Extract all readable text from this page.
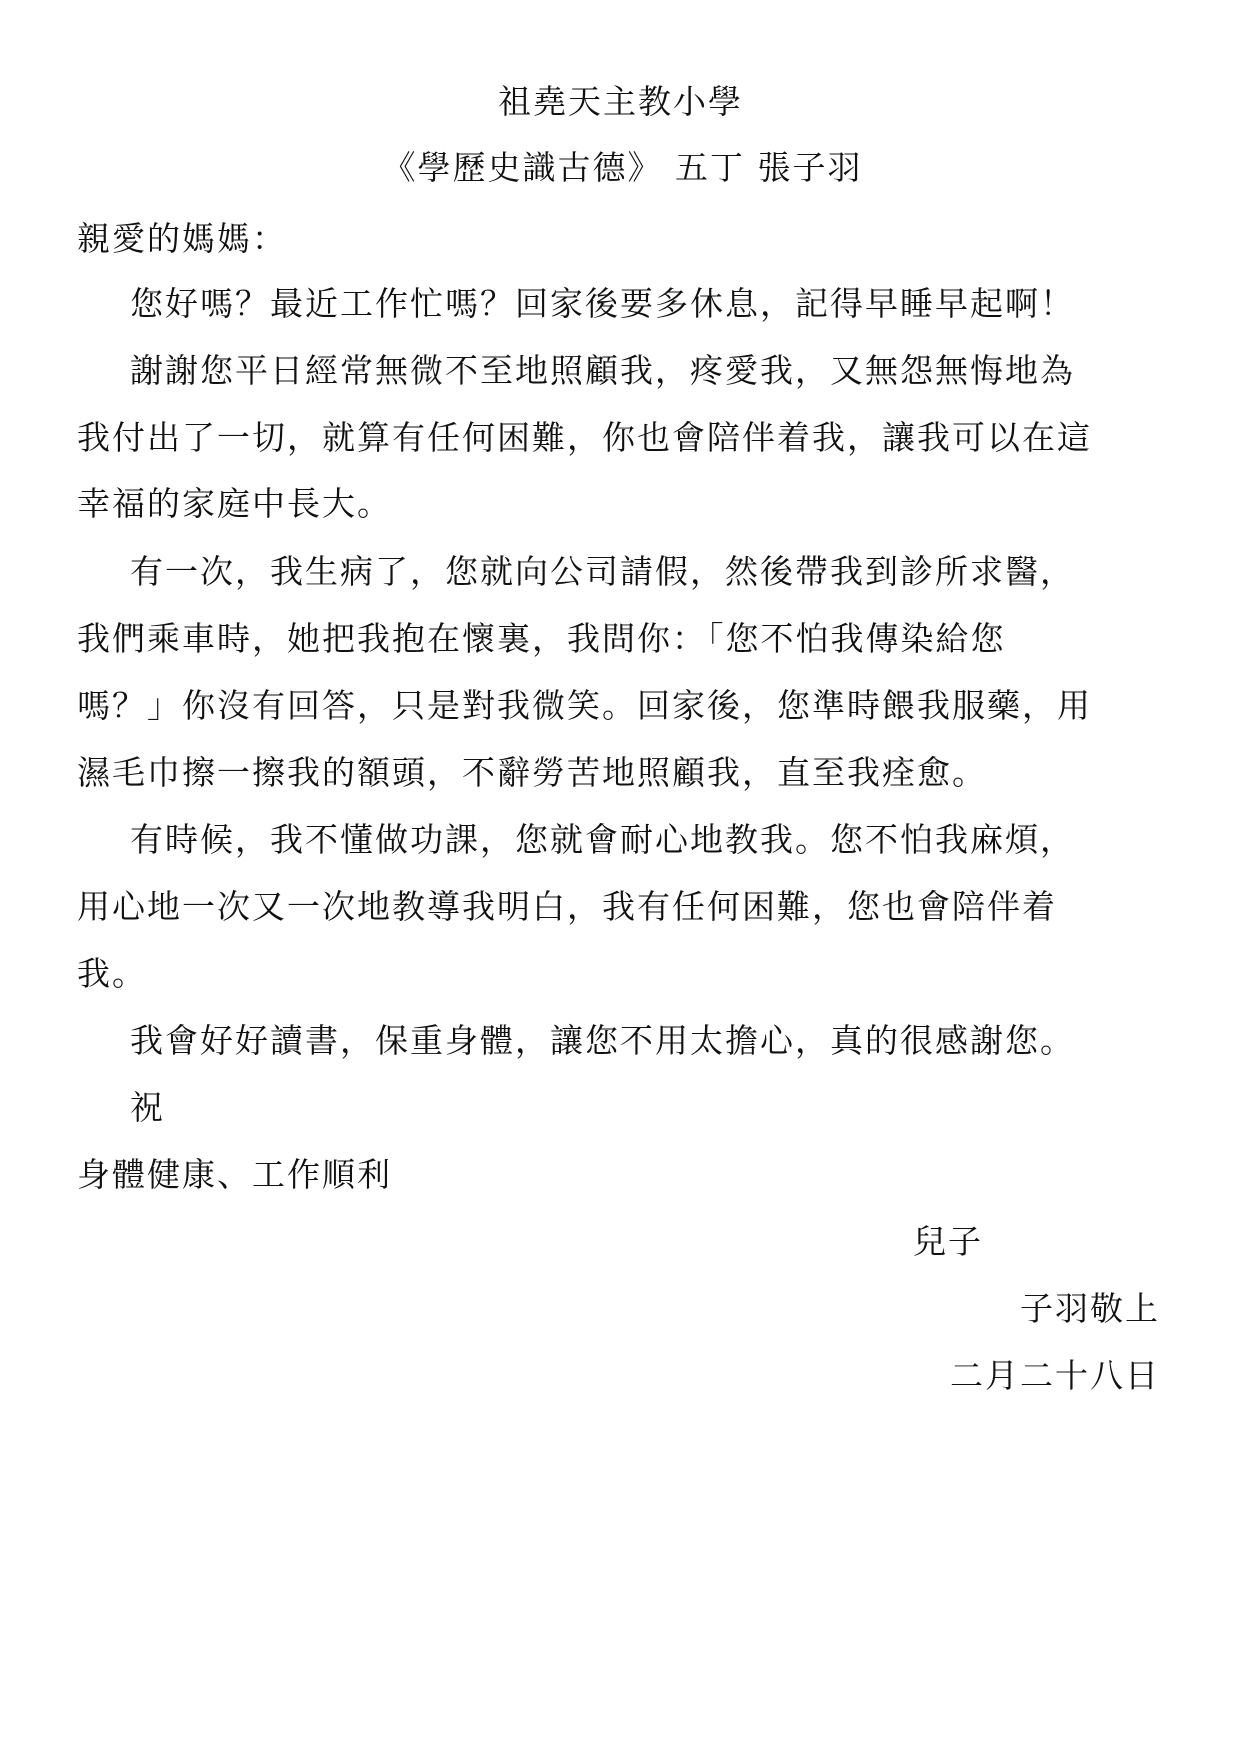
祖堯天主教小學
《學歷史識古德》 五丁 張子羽
親愛的媽媽：
您好嗎？最近工作忙嗎？回家後要多休息，記得早睡早起啊！
謝謝您平日經常無微不至地照顧我，疼愛我，又無怨無悔地為
我付出了一切，就算有任何困難，你也會陪伴着我，讓我可以在這
幸福的家庭中長大。
有一次，我生病了，您就向公司請假，然後帶我到診所求醫，
我們乘車時，她把我抱在懷裏，我問你：「您不怕我傳染給您
嗎？」你沒有回答，只是對我微笑。回家後，您準時餵我服藥，用
濕毛巾擦一擦我的額頭，不辭勞苦地照顧我，直至我痊愈。
有時候，我不懂做功課，您就會耐心地教我。您不怕我麻煩，
用心地一次又一次地教導我明白，我有任何困難，您也會陪伴着
我。
我會好好讀書，保重身體，讓您不用太擔心，真的很感謝您。
祝
身體健康、工作順利
兒子
子羽敬上
二月二十八日
